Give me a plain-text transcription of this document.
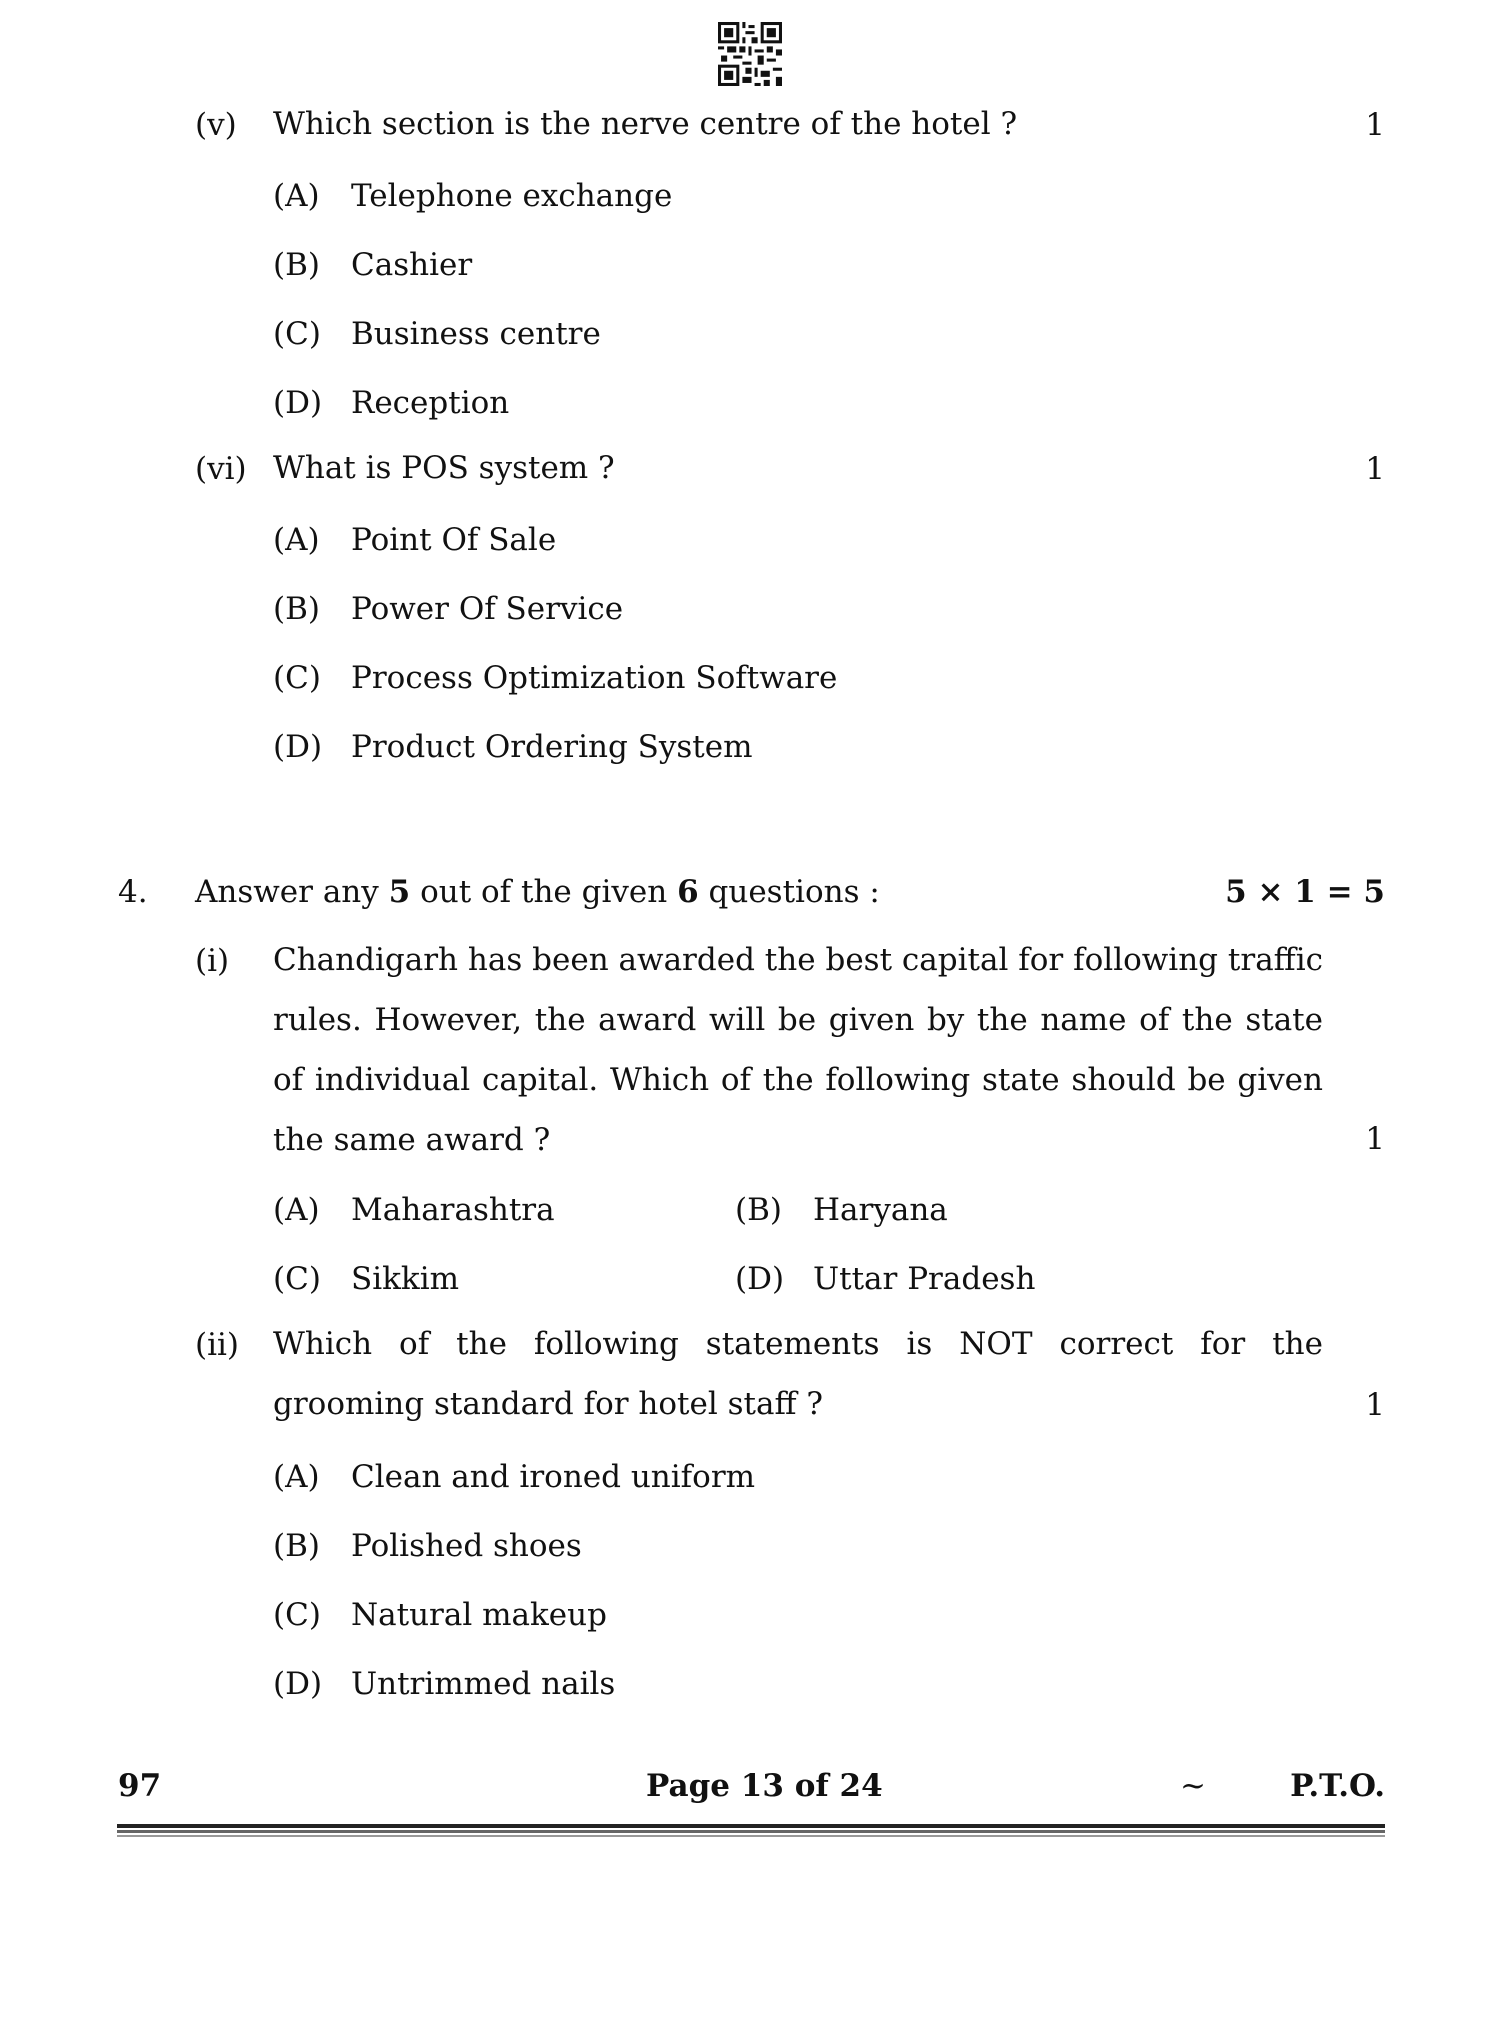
(v) Which section is the nerve centre of the hotel ?	1
(A) Telephone exchange
(B) Cashier
(C) Business centre
(D) Reception
(vi) What is POS system ?	1
(A) Point Of Sale
(B) Power Of Service
(C) Process Optimization Software
(D) Product Ordering System
4. Answer any 5 out of the given 6 questions :	5 × 1 = 5
(i) Chandigarh has been awarded the best capital for following traffic rules. However, the award will be given by the name of the state of individual capital. Which of the following state should be given the same award ?	1
(A) Maharashtra	(B) Haryana
(C) Sikkim	(D) Uttar Pradesh
(ii) Which of the following statements is NOT correct for the grooming standard for hotel staff ?	1
(A) Clean and ironed uniform
(B) Polished shoes
(C) Natural makeup
(D) Untrimmed nails
97	Page 13 of 24	~	P.T.O.
